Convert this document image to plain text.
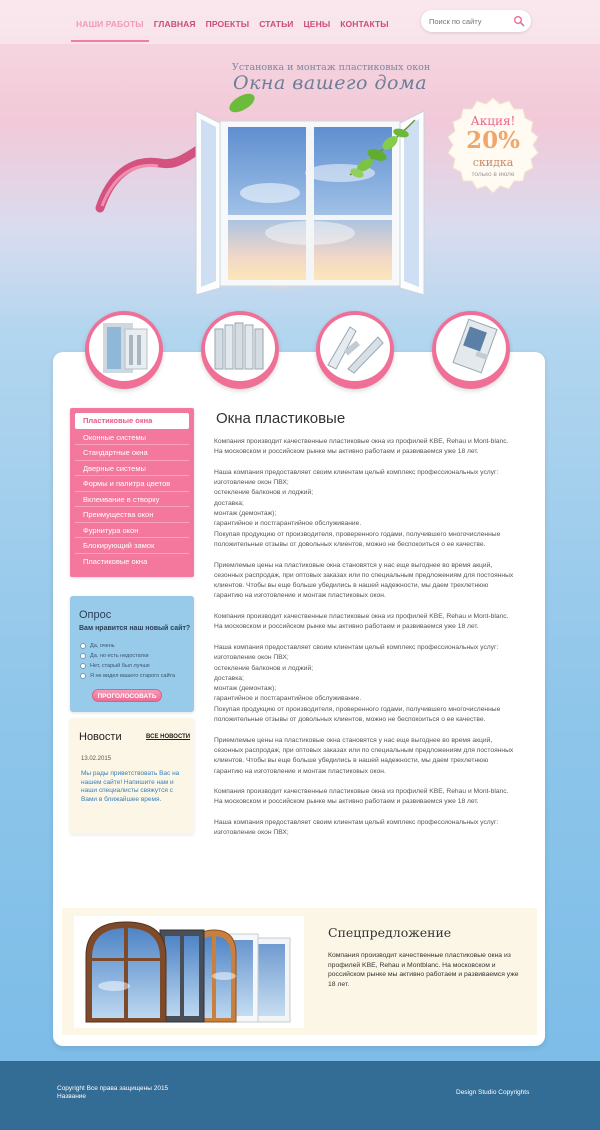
НАШИ РАБОТЫ	ГЛАВНАЯ	ПРОЕКТЫ	СТАТЬИ	ЦЕНЫ	КОНТАКТЫ
Поиск по сайту
Установка и монтаж пластиковых окон
Окна вашего дома
Акция!
20%
скидка
только в июле
Пластиковые окна
Оконные системы
Стандартные окна
Дверные системы
Формы и палитра цветов
Вклеивание в створку
Преимущества окон
Фурнитура окон
Блокирующий замок
Пластиковые окна
Опрос
Вам нравится наш новый сайт?
Да, очень
Да, но есть недостатки
Нет, старый был лучше
Я не видел вашего старого сайта
ПРОГОЛОСОВАТЬ
Новости	ВСЕ НОВОСТИ
13.02.2015
Мы рады приветствовать Вас на нашем сайте! Напишите нам и наши специалисты свяжутся с Вами в ближайшее время.
Окна пластиковые

Компания производит качественные пластиковые окна из профилей KBE, Rehau и Mont-blanc. На московском и российском рынке мы активно работаем и развиваемся уже 18 лет.

Наша компания предоставляет своим клиентам целый комплекс профессиональных услуг:
изготовление окон ПВХ;
остекление балконов и лоджий;
доставка;
монтаж (демонтаж);
гарантийное и постгарантийное обслуживание.
Покупая продукцию от производителя, проверенного годами, получившего многочисленные положительные отзывы от довольных клиентов, можно не беспокоиться о ее качестве.

Приемлемые цены на пластиковые окна становятся у нас еще выгоднее во время акций, сезонных распродаж, при оптовых заказах или по специальным предложениям для постоянных клиентов. Чтобы вы еще больше убедились в нашей надежности, мы даем трехлетнюю гарантию на изготовление и монтаж пластиковых окон.

Компания производит качественные пластиковые окна из профилей KBE, Rehau и Mont-blanc. На московском и российском рынке мы активно работаем и развиваемся уже 18 лет.

Наша компания предоставляет своим клиентам целый комплекс профессиональных услуг:
изготовление окон ПВХ;
остекление балконов и лоджий;
доставка;
монтаж (демонтаж);
гарантийное и постгарантийное обслуживание.
Покупая продукцию от производителя, проверенного годами, получившего многочисленные положительные отзывы от довольных клиентов, можно не беспокоиться о ее качестве.

Приемлемые цены на пластиковые окна становятся у нас еще выгоднее во время акций, сезонных распродаж, при оптовых заказах или по специальным предложениям для постоянных клиентов. Чтобы вы еще больше убедились в нашей надежности, мы даем трехлетнюю гарантию на изготовление и монтаж пластиковых окон.

Компания производит качественные пластиковые окна из профилей KBE, Rehau и Mont-blanc. На московском и российском рынке мы активно работаем и развиваемся уже 18 лет.

Наша компания предоставляет своим клиентам целый комплекс профессиональных услуг:
изготовление окон ПВХ;

Спецпредложение
Компания производит качественные пластиковые окна из профилей KBE, Rehau и Montblanc. На московском и российском рынке мы активно работаем и развиваемся уже 18 лет.
Copyright Все права защищены 2015 Название
Design Studio Copyrights
